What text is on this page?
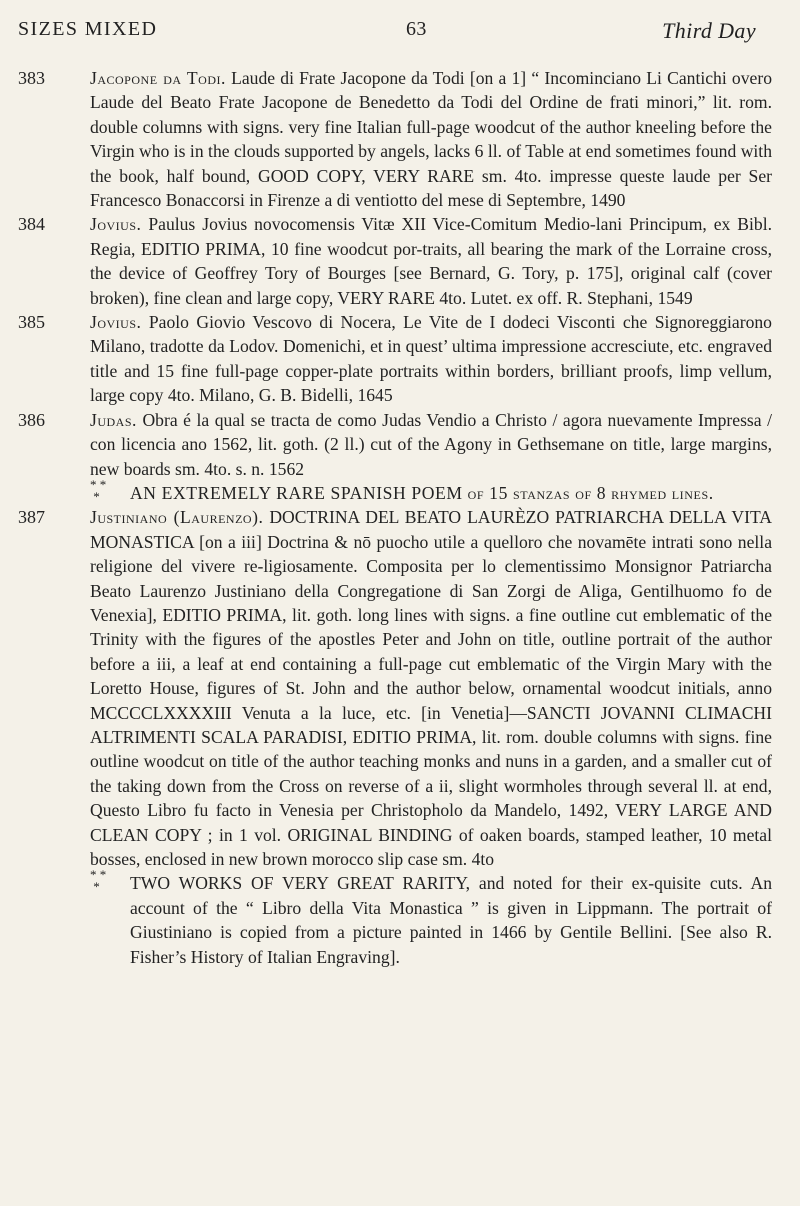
SIZES MIXED	63	Third Day
383	Jacopone da Todi. Laude di Frate Jacopone da Todi [on a 1] “ Incominciano Li Cantichi overo Laude del Beato Frate Jacopone de Benedetto da Todi del Ordine de frati minori,” lit. rom. double columns with signs. very fine Italian full-page woodcut of the author kneeling before the Virgin who is in the clouds supported by angels, lacks 6 ll. of Table at end sometimes found with the book, half bound, GOOD COPY, VERY RARE sm. 4to. impresse queste laude per Ser Francesco Bonaccorsi in Firenze a di ventiotto del mese di Septembre, 1490
384	Jovius. Paulus Jovius novocomensis Vitæ XII Vice-Comitum Medio-lani Principum, ex Bibl. Regia, EDITIO PRIMA, 10 fine woodcut por-traits, all bearing the mark of the Lorraine cross, the device of Geoffrey Tory of Bourges [see Bernard, G. Tory, p. 175], original calf (cover broken), fine clean and large copy, VERY RARE 4to. Lutet. ex off. R. Stephani, 1549
385	Jovius. Paolo Giovio Vescovo di Nocera, Le Vite de I dodeci Visconti che Signoreggiarono Milano, tradotte da Lodov. Domenichi, et in quest’ ultima impressione accresciute, etc. engraved title and 15 fine full-page copper-plate portraits within borders, brilliant proofs, limp vellum, large copy 4to. Milano, G. B. Bidelli, 1645
386	Judas. Obra é la qual se tracta de como Judas Vendio a Christo / agora nuevamente Impressa / con licencia ano 1562, lit. goth. (2 ll.) cut of the Agony in Gethsemane on title, large margins, new boards sm. 4to. s. n. 1562
* *
*	AN EXTREMELY RARE SPANISH POEM of 15 stanzas of 8 rhymed lines.
387	Justiniano (Laurenzo). DOCTRINA DEL BEATO LAURÈZO PATRIARCHA DELLA VITA MONASTICA [on a iii] Doctrina & nō puocho utile a quelloro che novamēte intrati sono nella religione del vivere re-ligiosamente. Composita per lo clementissimo Monsignor Patriarcha Beato Laurenzo Justiniano della Congregatione di San Zorgi de Aliga, Gentilhuomo fo de Venexia], EDITIO PRIMA, lit. goth. long lines with signs. a fine outline cut emblematic of the Trinity with the figures of the apostles Peter and John on title, outline portrait of the author before a iii, a leaf at end containing a full-page cut emblematic of the Virgin Mary with the Loretto House, figures of St. John and the author below, ornamental woodcut initials, anno MCCCCLXXXXIII Venuta a la luce, etc. [in Venetia]—SANCTI JOVANNI CLIMACHI ALTRIMENTI SCALA PARADISI, EDITIO PRIMA, lit. rom. double columns with signs. fine outline woodcut on title of the author teaching monks and nuns in a garden, and a smaller cut of the taking down from the Cross on reverse of a ii, slight wormholes through several ll. at end, Questo Libro fu facto in Venesia per Christopholo da Mandelo, 1492, VERY LARGE AND CLEAN COPY ; in 1 vol. ORIGINAL BINDING of oaken boards, stamped leather, 10 metal bosses, enclosed in new brown morocco slip case sm. 4to
* *
*	TWO WORKS OF VERY GREAT RARITY, and noted for their ex-quisite cuts. An account of the “ Libro della Vita Monastica ” is given in Lippmann. The portrait of Giustiniano is copied from a picture painted in 1466 by Gentile Bellini. [See also R. Fisher’s History of Italian Engraving].
